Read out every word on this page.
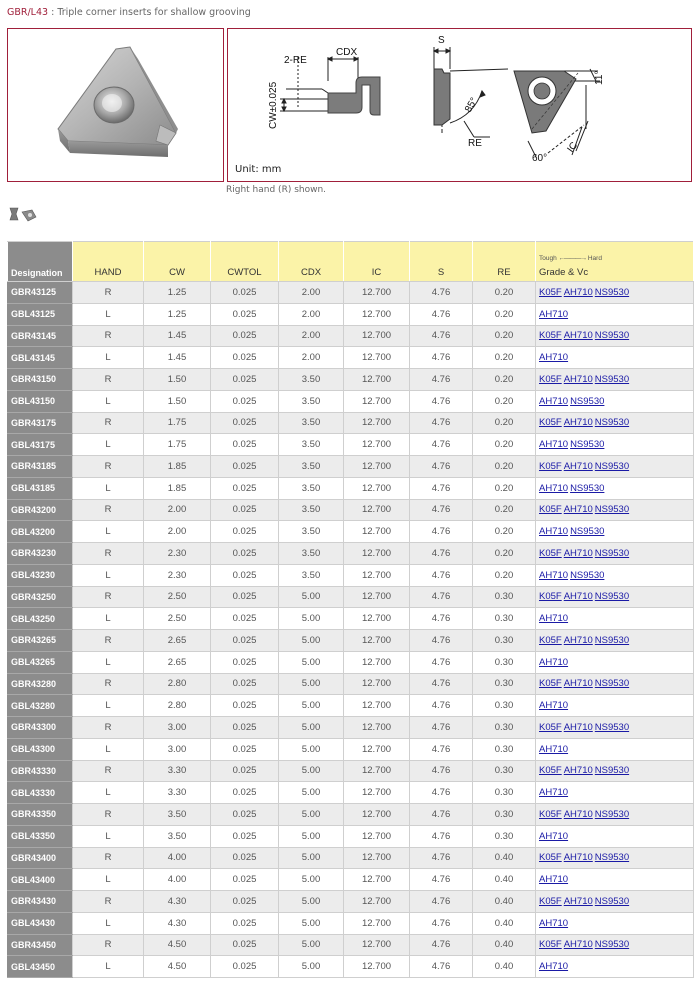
GBR/L43 : Triple corner inserts for shallow grooving
CDX
2-RE
CW±0.025
S
85°
RE
11°
60°
IC
Unit: mm
Right hand (R) shown.
Designation	HAND	CW	CWTOL	CDX	IC	S	RE	Tough ←———→ Hard
Grade & Vc
GBR43125	R	1.25	0.025	2.00	12.700	4.76	0.20	K05F AH710 NS9530
GBL43125	L	1.25	0.025	2.00	12.700	4.76	0.20	AH710
GBR43145	R	1.45	0.025	2.00	12.700	4.76	0.20	K05F AH710 NS9530
GBL43145	L	1.45	0.025	2.00	12.700	4.76	0.20	AH710
GBR43150	R	1.50	0.025	3.50	12.700	4.76	0.20	K05F AH710 NS9530
GBL43150	L	1.50	0.025	3.50	12.700	4.76	0.20	AH710 NS9530
GBR43175	R	1.75	0.025	3.50	12.700	4.76	0.20	K05F AH710 NS9530
GBL43175	L	1.75	0.025	3.50	12.700	4.76	0.20	AH710 NS9530
GBR43185	R	1.85	0.025	3.50	12.700	4.76	0.20	K05F AH710 NS9530
GBL43185	L	1.85	0.025	3.50	12.700	4.76	0.20	AH710 NS9530
GBR43200	R	2.00	0.025	3.50	12.700	4.76	0.20	K05F AH710 NS9530
GBL43200	L	2.00	0.025	3.50	12.700	4.76	0.20	AH710 NS9530
GBR43230	R	2.30	0.025	3.50	12.700	4.76	0.20	K05F AH710 NS9530
GBL43230	L	2.30	0.025	3.50	12.700	4.76	0.20	AH710 NS9530
GBR43250	R	2.50	0.025	5.00	12.700	4.76	0.30	K05F AH710 NS9530
GBL43250	L	2.50	0.025	5.00	12.700	4.76	0.30	AH710
GBR43265	R	2.65	0.025	5.00	12.700	4.76	0.30	K05F AH710 NS9530
GBL43265	L	2.65	0.025	5.00	12.700	4.76	0.30	AH710
GBR43280	R	2.80	0.025	5.00	12.700	4.76	0.30	K05F AH710 NS9530
GBL43280	L	2.80	0.025	5.00	12.700	4.76	0.30	AH710
GBR43300	R	3.00	0.025	5.00	12.700	4.76	0.30	K05F AH710 NS9530
GBL43300	L	3.00	0.025	5.00	12.700	4.76	0.30	AH710
GBR43330	R	3.30	0.025	5.00	12.700	4.76	0.30	K05F AH710 NS9530
GBL43330	L	3.30	0.025	5.00	12.700	4.76	0.30	AH710
GBR43350	R	3.50	0.025	5.00	12.700	4.76	0.30	K05F AH710 NS9530
GBL43350	L	3.50	0.025	5.00	12.700	4.76	0.30	AH710
GBR43400	R	4.00	0.025	5.00	12.700	4.76	0.40	K05F AH710 NS9530
GBL43400	L	4.00	0.025	5.00	12.700	4.76	0.40	AH710
GBR43430	R	4.30	0.025	5.00	12.700	4.76	0.40	K05F AH710 NS9530
GBL43430	L	4.30	0.025	5.00	12.700	4.76	0.40	AH710
GBR43450	R	4.50	0.025	5.00	12.700	4.76	0.40	K05F AH710 NS9530
GBL43450	L	4.50	0.025	5.00	12.700	4.76	0.40	AH710
